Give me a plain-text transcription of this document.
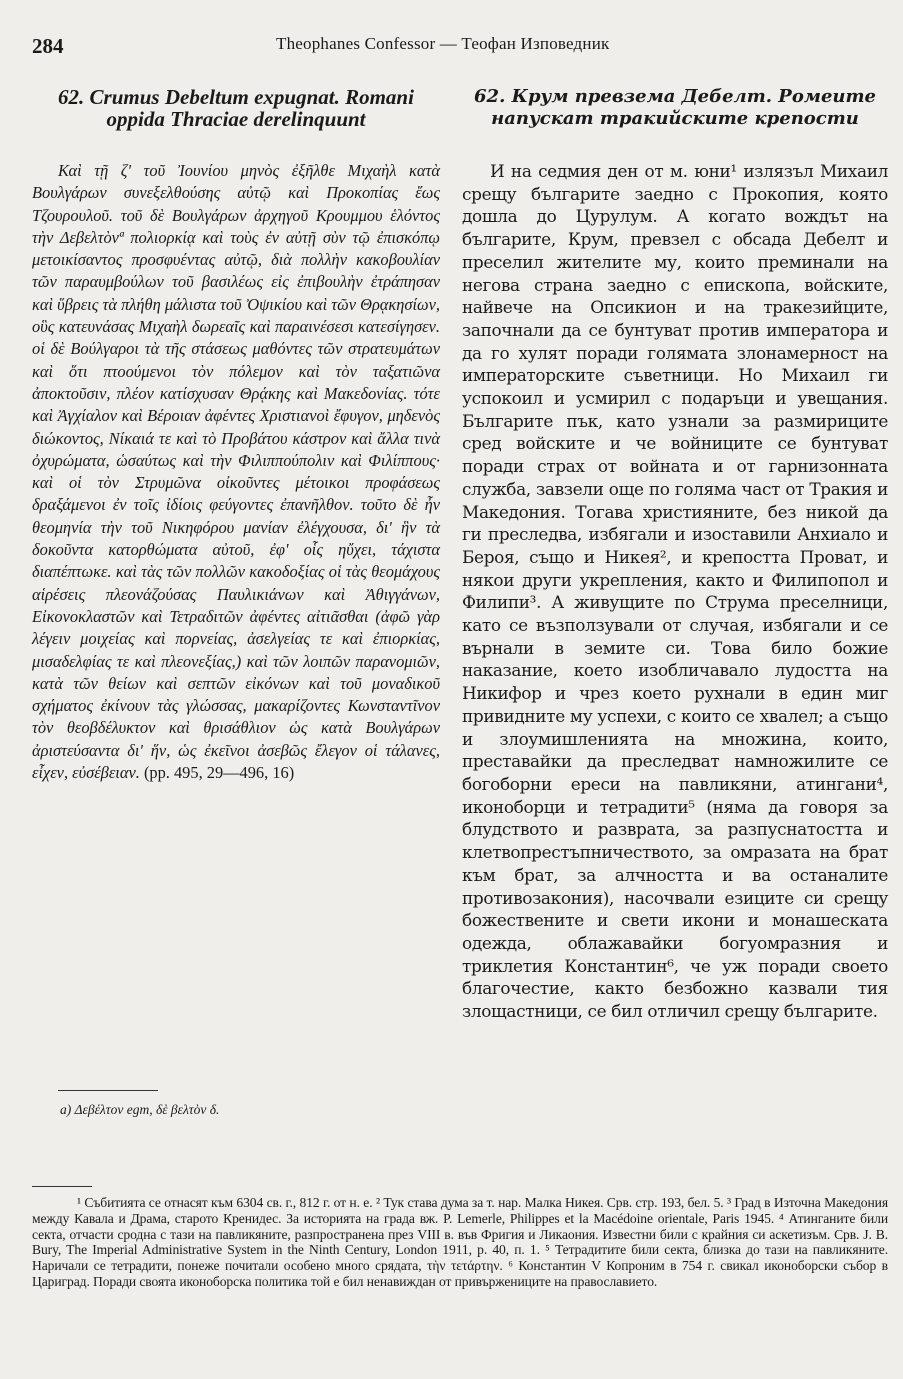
284	Theophanes Confessor — Теофан Изповедник
62. Crumus Debeltum expugnat. Romani oppida Thraciae derelinquunt

Καὶ τῇ ζ' τοῦ Ἰουνίου μηνὸς ἐξῆλθε Μιχαὴλ κατὰ Βουλγάρων συνεξελθούσης αὐτῷ καὶ Προκοπίας ἕως Τζουρουλοῦ. τοῦ δὲ Βουλγάρων ἀρχηγοῦ Κρουμμου ἑλόντος τὴν Δεβελτὸνª πολιορκίᾳ καὶ τοὺς ἐν αὐτῇ σὺν τῷ ἐπισκόπῳ μετοικίσαντος προσφυέντας αὐτῷ, διὰ πολλὴν κακοβουλίαν τῶν παραυμβούλων τοῦ βασιλέως εἰς ἐπιβουλὴν ἐτράπησαν καὶ ὕβρεις τὰ πλήθη μάλιστα τοῦ Ὀψικίου καὶ τῶν Θρᾳκησίων, οὓς κατευνάσας Μιχαὴλ δωρεαῖς καὶ παραινέσεσι κατεσίγησεν. οἱ δὲ Βούλγαροι τὰ τῆς στάσεως μαθόντες τῶν στρατευμάτων καὶ ὅτι πτοούμενοι τὸν πόλεμον καὶ τὸν ταξατιῶνα ἀποκτοῦσιν, πλέον κατίσχυσαν Θρᾴκης καὶ Μακεδονίας. τότε καὶ Ἀγχίαλον καὶ Βέροιαν ἀφέντες Χριστιανοὶ ἔφυγον, μηδενὸς διώκοντος, Νίκαιά τε καὶ τὸ Προβάτου κάστρον καὶ ἄλλα τινὰ ὀχυρώματα, ὡσαύτως καὶ τὴν Φιλιππούπολιν καὶ Φιλίππους· καὶ οἱ τὸν Στρυμῶνα οἰκοῦντες μέτοικοι προφάσεως δραξάμενοι ἐν τοῖς ἰδίοις φεύγοντες ἐπανῆλθον. τοῦτο δὲ ἦν θεομηνία τὴν τοῦ Νικηφόρου μανίαν ἐλέγχουσα, δι' ἣν τὰ δοκοῦντα κατορθώματα αὐτοῦ, ἐφ' οἷς ηὔχει, τάχιστα διαπέπτωκε. καὶ τὰς τῶν πολλῶν κακοδοξίας οἱ τὰς θεομάχους αἱρέσεις πλεονάζούσας Παυλικιάνων καὶ Ἀθιγγάνων, Εἰκονοκλαστῶν καὶ Τετραδιτῶν ἀφέντες αἰτιᾶσθαι (ἀφῶ γὰρ λέγειν μοιχείας καὶ πορνείας, ἀσελγείας τε καὶ ἐπιορκίας, μισαδελφίας τε καὶ πλεονεξίας,) καὶ τῶν λοιπῶν παρανομιῶν, κατὰ τῶν θείων καὶ σεπτῶν εἰκόνων καὶ τοῦ μοναδικοῦ σχήματος ἐκίνουν τὰς γλώσσας, μακαρίζοντες Κωνσταντῖνον τὸν θεοβδέλυκτον καὶ θρισάθλιον ὡς κατὰ Βουλγάρων ἀριστεύσαντα δι' ἥν, ὡς ἐκεῖνοι ἀσεβῶς ἔλεγον οἱ τάλανες, εἶχεν, εὐσέβειαν. (pp. 495, 29—496, 16)

62. Крум превзема Дебелт. Ромеите напускат тракийските крепости

И на седмия ден от м. юни¹ излязъл Михаил срещу българите заедно с Прокопия, която дошла до Цурулум. А когато вождът на българите, Крум, превзел с обсада Дебелт и преселил жителите му, които преминали на негова страна заедно с епископа, войските, найвече на Опсикион и на тракезийците, започнали да се бунтуват против императора и да го хулят поради голямата злонамерност на императорските съветници. Но Михаил ги успокоил и усмирил с подаръци и увещания. Българите пък, като узнали за размириците сред войските и че войниците се бунтуват поради страх от войната и от гарнизонната служба, завзели още по голяма част от Тракия и Македония. Тогава християните, без никой да ги преследва, избягали и изоставили Анхиало и Бероя, също и Никея², и крепостта Проват, и някои други укрепления, както и Филипопол и Филипи³. А живущите по Струма преселници, като се възползували от случая, избягали и се върнали в земите си. Това било божие наказание, което изобличавало лудостта на Никифор и чрез което рухнали в един миг привидните му успехи, с които се хвалел; а също и злоумишленията на множина, които, преставайки да преследват намножилите се богоборни ереси на павликяни, атингани⁴, иконоборци и тетрадити⁵ (няма да говоря за блудството и разврата, за разпуснатостта и клетвопрестъпничеството, за омразата на брат към брат, за алчността и ва останалите противозакония), насочвали езиците си срещу божествените и свети икони и монашеската одежда, облажавайки богуомразния и триклетия Константин⁶, че уж поради своето благочестие, както безбожно казвали тия злощастници, се бил отличил срещу българите.

a) Δεβέλτον egm, δὲ βελτὸν δ.

¹ Събитията се отнасят към 6304 св. г., 812 г. от н. е. ² Тук става дума за т. нар. Малка Никея. Срв. стр. 193, бел. 5. ³ Град в Източна Македония между Кавала и Драма, старото Кренидес. За историята на града вж. P. Lemerle, Philippes et la Macédoine orientale, Paris 1945. ⁴ Атинганите били секта, отчасти сродна с тази на павликяните, разпространена през VIII в. във Фригия и Ликаония. Известни били с крайния си аскетизъм. Срв. J. B. Bury, The Imperial Administrative System in the Ninth Century, London 1911, p. 40, п. 1. ⁵ Тетрадитите били секта, близка до тази на павликяните. Наричали се тетрадити, понеже почитали особено много срядата, τὴν τετάρτην. ⁶ Константин V Копроним в 754 г. свикал иконоборски събор в Цариград. Поради своята иконоборска политика той е бил ненавиждан от привържениците на православието.
